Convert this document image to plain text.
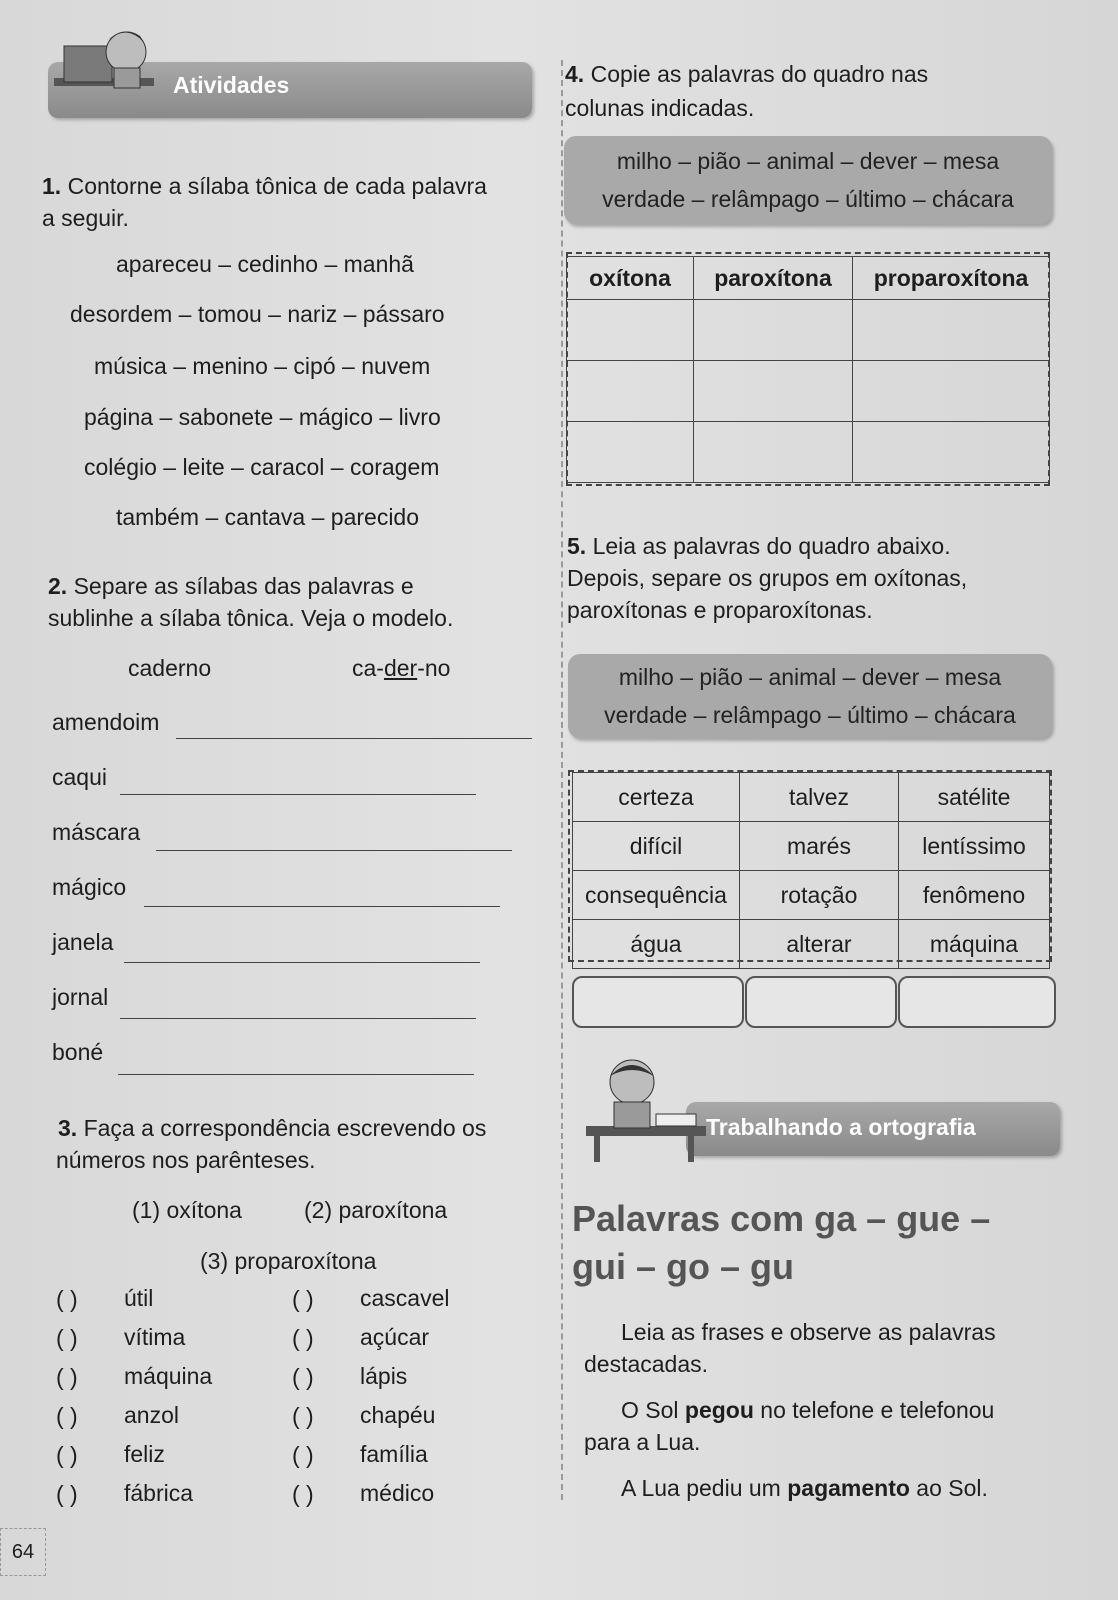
Atividades
1. Contorne a sílaba tônica de cada palavra
a seguir.
apareceu – cedinho – manhã
desordem – tomou – nariz – pássaro
música – menino – cipó – nuvem
página – sabonete – mágico – livro
colégio – leite – caracol – coragem
também – cantava – parecido
2. Separe as sílabas das palavras e
sublinhe a sílaba tônica. Veja o modelo.
caderno	ca-der-no
amendoim
caqui
máscara
mágico
janela
jornal
boné
3. Faça a correspondência escrevendo os
números nos parênteses.
(1) oxítona	(2) paroxítona
(3) proparoxítona
( ) útil	( ) cascavel
( ) vítima	( ) açúcar
( ) máquina	( ) lápis
( ) anzol	( ) chapéu
( ) feliz	( ) família
( ) fábrica	( ) médico
4. Copie as palavras do quadro nas
colunas indicadas.
milho – pião – animal – dever – mesa
verdade – relâmpago – último – chácara
oxítona	paroxítona	proparoxítona

5. Leia as palavras do quadro abaixo.
Depois, separe os grupos em oxítonas,
paroxítonas e proparoxítonas.
milho – pião – animal – dever – mesa
verdade – relâmpago – último – chácara
certeza	talvez	satélite
difícil	marés	lentíssimo
consequência	rotação	fenômeno
água	alterar	máquina
Trabalhando a ortografia
Palavras com ga – gue –
gui – go – gu
Leia as frases e observe as palavras
destacadas.
O Sol pegou no telefone e telefonou
para a Lua.
A Lua pediu um pagamento ao Sol.
64
